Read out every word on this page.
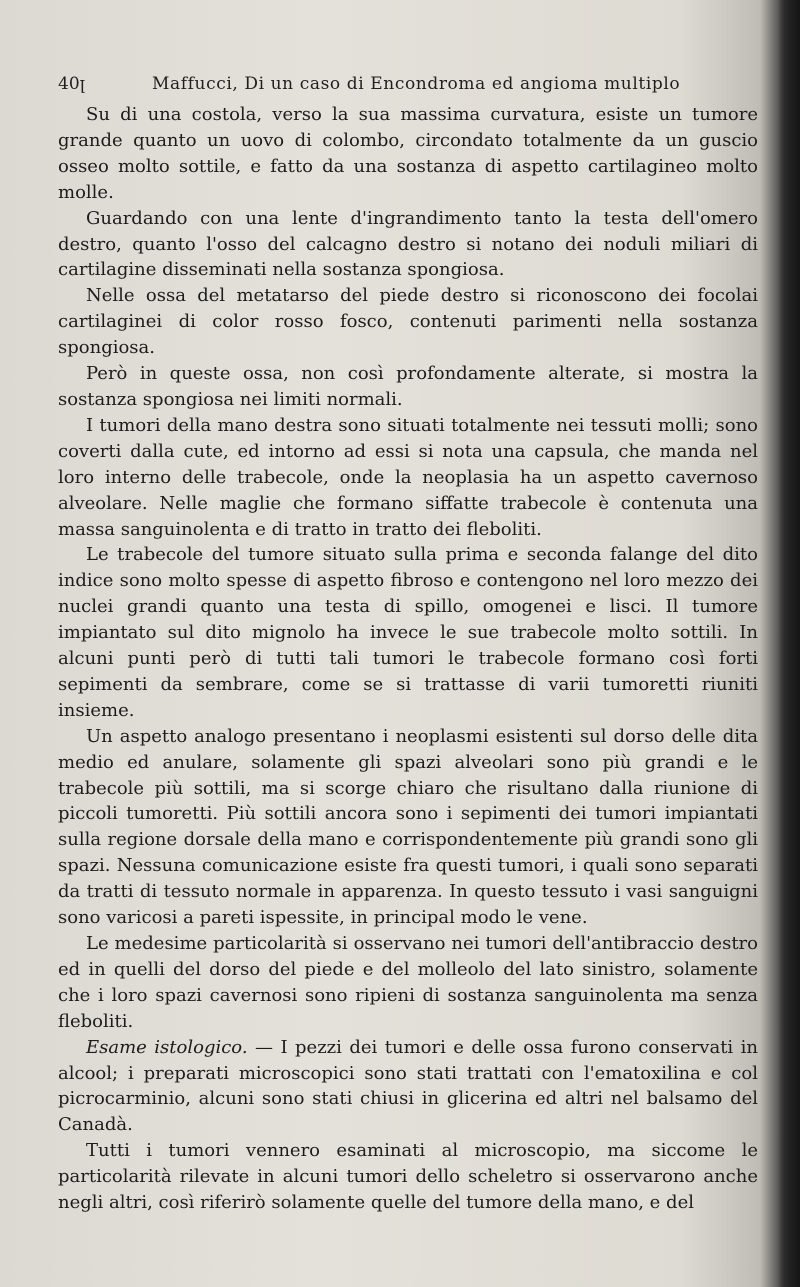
40ꞁ	Maffucci, Di un caso di Encondroma ed angioma multiplo

Su di una costola, verso la sua massima curvatura, esiste un tumore grande quanto un uovo di colombo, circondato totalmente da un guscio osseo molto sottile, e fatto da una sostanza di aspetto cartilagineo molto molle.

Guardando con una lente d'ingrandimento tanto la testa dell'omero destro, quanto l'osso del calcagno destro si notano dei noduli miliari di cartilagine disseminati nella sostanza spongiosa.

Nelle ossa del metatarso del piede destro si riconoscono dei focolai cartilaginei di color rosso fosco, contenuti parimenti nella sostanza spongiosa.

Però in queste ossa, non così profondamente alterate, si mostra la sostanza spongiosa nei limiti normali.

I tumori della mano destra sono situati totalmente nei tessuti molli; sono coverti dalla cute, ed intorno ad essi si nota una capsula, che manda nel loro interno delle trabecole, onde la neoplasia ha un aspetto cavernoso alveolare. Nelle maglie che formano siffatte trabecole è contenuta una massa sanguinolenta e di tratto in tratto dei fleboliti.

Le trabecole del tumore situato sulla prima e seconda falange del dito indice sono molto spesse di aspetto fibroso e contengono nel loro mezzo dei nuclei grandi quanto una testa di spillo, omogenei e lisci. Il tumore impiantato sul dito mignolo ha invece le sue trabecole molto sottili. In alcuni punti però di tutti tali tumori le trabecole formano così forti sepimenti da sembrare, come se si trattasse di varii tumoretti riuniti insieme.

Un aspetto analogo presentano i neoplasmi esistenti sul dorso delle dita medio ed anulare, solamente gli spazi alveolari sono più grandi e le trabecole più sottili, ma si scorge chiaro che risultano dalla riunione di piccoli tumoretti. Più sottili ancora sono i sepimenti dei tumori impiantati sulla regione dorsale della mano e corrispondentemente più grandi sono gli spazi. Nessuna comunicazione esiste fra questi tumori, i quali sono separati da tratti di tessuto normale in apparenza. In questo tessuto i vasi sanguigni sono varicosi a pareti ispessite, in principal modo le vene.

Le medesime particolarità si osservano nei tumori dell'antibraccio destro ed in quelli del dorso del piede e del molleolo del lato sinistro, solamente che i loro spazi cavernosi sono ripieni di sostanza sanguinolenta ma senza fleboliti.

Esame istologico. — I pezzi dei tumori e delle ossa furono conservati in alcool; i preparati microscopici sono stati trattati con l'ematoxilina e col picrocarminio, alcuni sono stati chiusi in glicerina ed altri nel balsamo del Canadà.

Tutti i tumori vennero esaminati al microscopio, ma siccome le particolarità rilevate in alcuni tumori dello scheletro si osservarono anche negli altri, così riferirò solamente quelle del tumore della mano, e del
